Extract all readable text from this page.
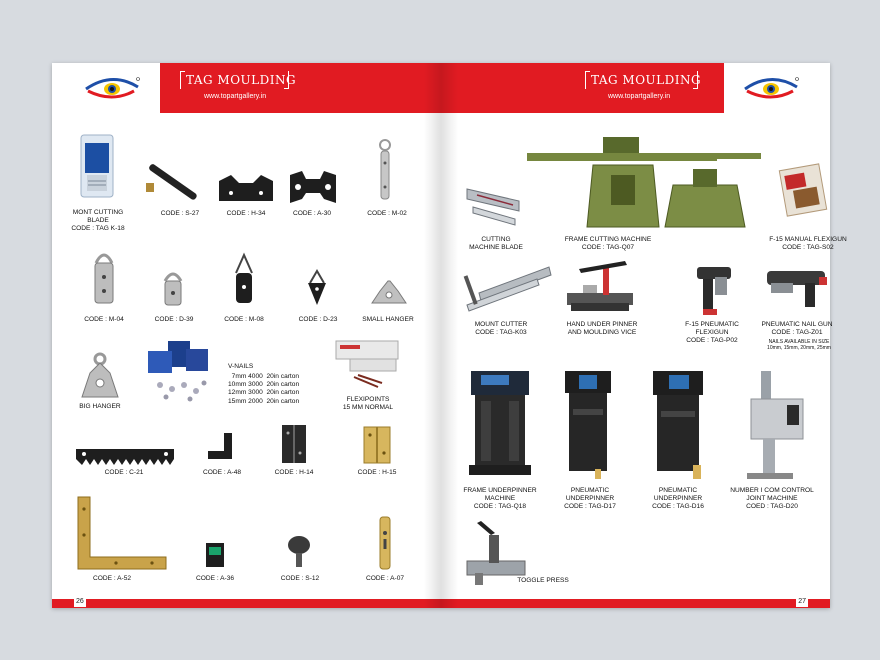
TAG MOULDING
www.topartgallery.in
MONT CUTTING
BLADE
CODE : TAG K-18
CODE : S-27	CODE : H-34	CODE : A-30	CODE : M-02
CODE : M-04	CODE : D-39	CODE : M-08	CODE : D-23	SMALL HANGER
BIG HANGER
V-NAILS
7mm 4000  20in carton
10mm 3000  20in carton
12mm 3000  20in carton
15mm 2000  20in carton	FLEXIPOINTS
15 MM NORMAL
CODE : C-21	CODE : A-48	CODE : H-14	CODE : H-15
CODE : A-52	CODE : A-36	CODE : S-12	CODE : A-07
26
TAG MOULDING
www.topartgallery.in
CUTTING
MACHINE BLADE
FRAME CUTTING MACHINE
CODE : TAG-Q07
F-15 MANUAL FLEXIGUN
CODE : TAG-S02
MOUNT CUTTER
CODE : TAG-K03
HAND UNDER PINNER
AND MOULDING VICE
F-15 PNEUMATIC
FLEXIGUN
CODE : TAG-P02
PNEUMATIC NAIL GUN
CODE : TAG-Z01
NAILS AVAILABLE IN SIZE
10mm, 15mm, 20mm, 25mm
FRAME UNDERPINNER
MACHINE
CODE : TAG-Q18
PNEUMATIC
UNDERPINNER
CODE : TAG-D17
PNEUMATIC
UNDERPINNER
CODE : TAG-D16
NUMBER I COM CONTROL
JOINT MACHINE
COED : TAG-D20
TOGGLE PRESS
27
